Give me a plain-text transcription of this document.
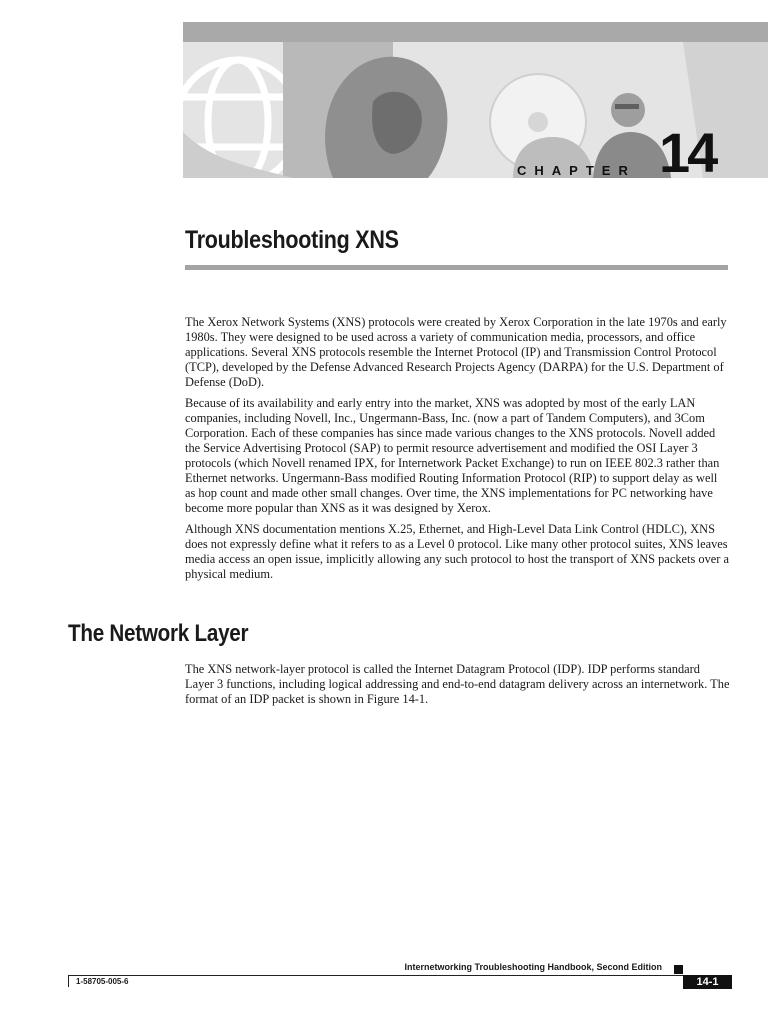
CHAPTER 14
Troubleshooting XNS

The Xerox Network Systems (XNS) protocols were created by Xerox Corporation in the late 1970s and early 1980s. They were designed to be used across a variety of communication media, processors, and office applications. Several XNS protocols resemble the Internet Protocol (IP) and Transmission Control Protocol (TCP), developed by the Defense Advanced Research Projects Agency (DARPA) for the U.S. Department of Defense (DoD).

Because of its availability and early entry into the market, XNS was adopted by most of the early LAN companies, including Novell, Inc., Ungermann-Bass, Inc. (now a part of Tandem Computers), and 3Com Corporation. Each of these companies has since made various changes to the XNS protocols. Novell added the Service Advertising Protocol (SAP) to permit resource advertisement and modified the OSI Layer 3 protocols (which Novell renamed IPX, for Internetwork Packet Exchange) to run on IEEE 802.3 rather than Ethernet networks. Ungermann-Bass modified Routing Information Protocol (RIP) to support delay as well as hop count and made other small changes. Over time, the XNS implementations for PC networking have become more popular than XNS as it was designed by Xerox.

Although XNS documentation mentions X.25, Ethernet, and High-Level Data Link Control (HDLC), XNS does not expressly define what it refers to as a Level 0 protocol. Like many other protocol suites, XNS leaves media access an open issue, implicitly allowing any such protocol to host the transport of XNS packets over a physical medium.

The Network Layer

The XNS network-layer protocol is called the Internet Datagram Protocol (IDP). IDP performs standard Layer 3 functions, including logical addressing and end-to-end datagram delivery across an internetwork. The format of an IDP packet is shown in Figure 14-1.

Internetworking Troubleshooting Handbook, Second Edition
1-58705-005-6	14-1
